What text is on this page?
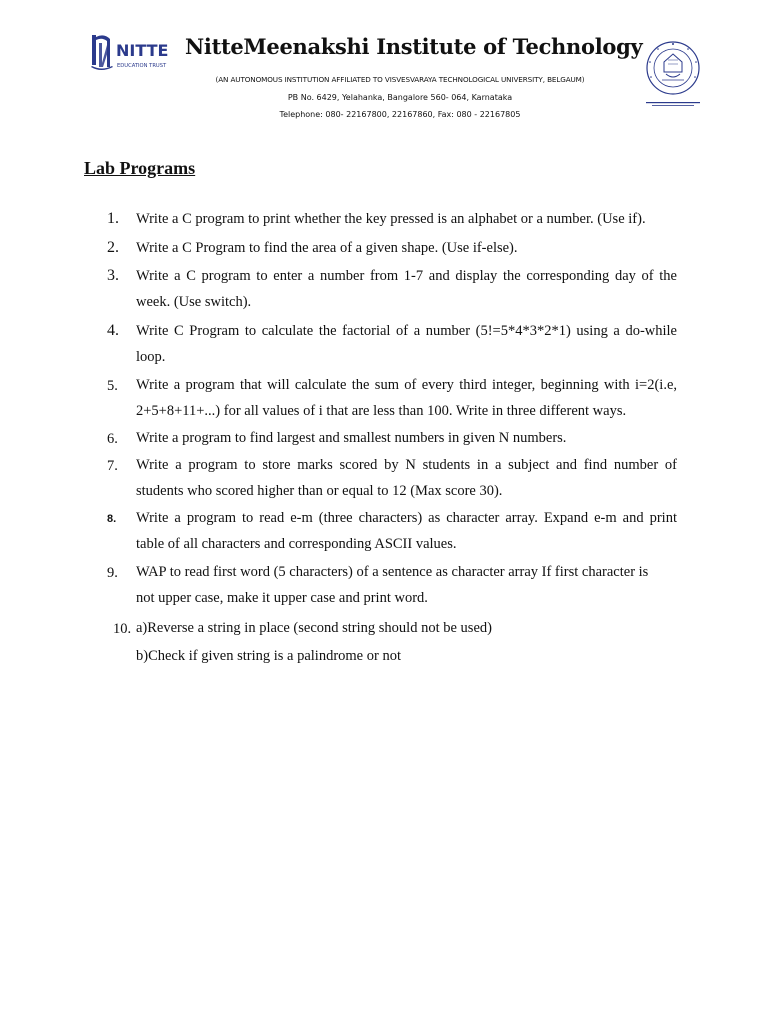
NITTE
EDUCATION TRUST
NitteMeenakshi Institute of Technology
(AN AUTONOMOUS INSTITUTION AFFILIATED TO VISVESVARAYA TECHNOLOGICAL UNIVERSITY, BELGAUM)
PB No. 6429, Yelahanka, Bangalore 560- 064, Karnataka
Telephone: 080- 22167800, 22167860, Fax: 080 - 22167805
Lab Programs
1.	Write a C program to print whether the key pressed is an alphabet or a number. (Use if).
2.	Write a C Program to find the area of a given shape. (Use if-else).
3.	Write a C program to enter a number from 1-7 and display the corresponding day of the
week. (Use switch).
4.	Write C Program to calculate the factorial of a number (5!=5*4*3*2*1) using a do-while
loop.
5.	Write a program that will calculate the sum of every third integer, beginning with i=2(i.e,
2+5+8+11+...) for all values of i that are less than 100. Write in three different ways.
6.	Write a program to find largest and smallest numbers in given N numbers.
7.	Write a program to store marks scored by N students in a subject and find number of
students who scored higher than or equal to 12 (Max score 30).
8.	Write a program to read e-m (three characters) as character array. Expand e-m and print
table of all characters and corresponding ASCII values.
9.	WAP to read first word (5 characters) of a sentence as character array If first character is
not upper case, make it upper case and print word.
10. a)Reverse a string in place (second string should not be used)
b)Check if given string is a palindrome or not
